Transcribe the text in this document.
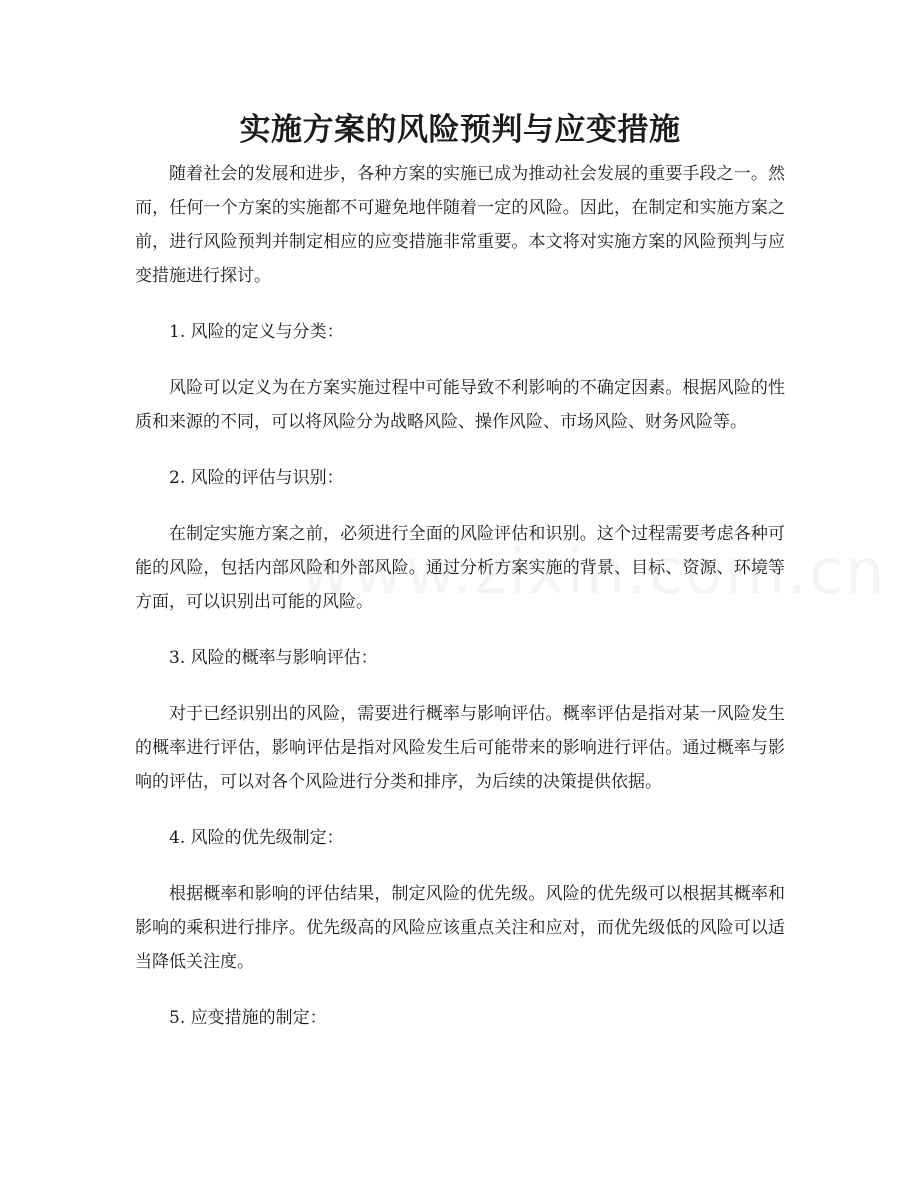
实施方案的风险预判与应变措施

随着社会的发展和进步，各种方案的实施已成为推动社会发展的重要手段之一。然而，任何一个方案的实施都不可避免地伴随着一定的风险。因此，在制定和实施方案之前，进行风险预判并制定相应的应变措施非常重要。本文将对实施方案的风险预判与应变措施进行探讨。

1. 风险的定义与分类：

风险可以定义为在方案实施过程中可能导致不利影响的不确定因素。根据风险的性质和来源的不同，可以将风险分为战略风险、操作风险、市场风险、财务风险等。

2. 风险的评估与识别：

在制定实施方案之前，必须进行全面的风险评估和识别。这个过程需要考虑各种可能的风险，包括内部风险和外部风险。通过分析方案实施的背景、目标、资源、环境等方面，可以识别出可能的风险。

3. 风险的概率与影响评估：

对于已经识别出的风险，需要进行概率与影响评估。概率评估是指对某一风险发生的概率进行评估，影响评估是指对风险发生后可能带来的影响进行评估。通过概率与影响的评估，可以对各个风险进行分类和排序，为后续的决策提供依据。

4. 风险的优先级制定：

根据概率和影响的评估结果，制定风险的优先级。风险的优先级可以根据其概率和影响的乘积进行排序。优先级高的风险应该重点关注和应对，而优先级低的风险可以适当降低关注度。

5. 应变措施的制定：
